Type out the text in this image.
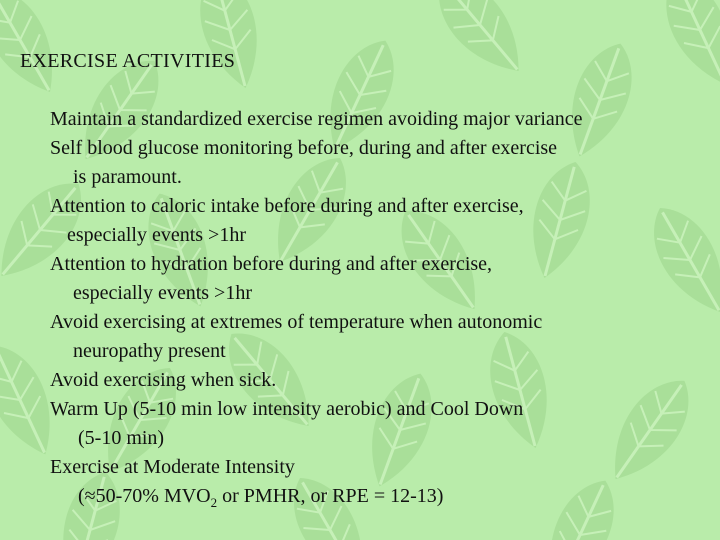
EXERCISE ACTIVITIES
Maintain a standardized exercise regimen avoiding major variance
Self blood glucose monitoring before, during and after exercise
is paramount.
Attention to caloric intake before during and after exercise,
especially events >1hr
Attention to hydration before during and after exercise,
especially events >1hr
Avoid exercising at extremes of temperature when autonomic
neuropathy present
Avoid exercising when sick.
Warm Up (5-10 min low intensity aerobic) and Cool Down
(5-10 min)
Exercise at Moderate Intensity
(≈50-70% $MVO_2$ or PMHR, or RPE = 12-13)
